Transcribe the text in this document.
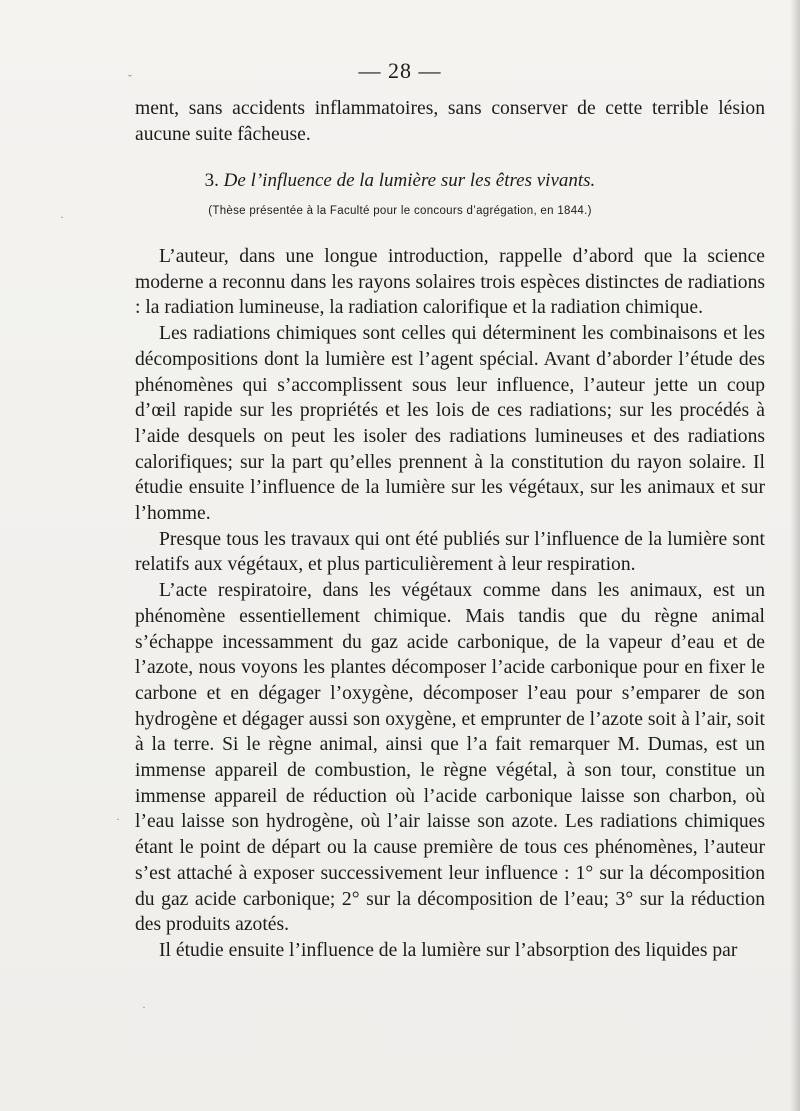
— 28 —

ment, sans accidents inflammatoires, sans conserver de cette terrible lésion aucune suite fâcheuse.

3. De l’influence de la lumière sur les êtres vivants.
(Thèse présentée à la Faculté pour le concours d’agrégation, en 1844.)

L’auteur, dans une longue introduction, rappelle d’abord que la science moderne a reconnu dans les rayons solaires trois espèces distinctes de radiations : la radiation lumineuse, la radiation calorifique et la radiation chimique.

Les radiations chimiques sont celles qui déterminent les combinaisons et les décompositions dont la lumière est l’agent spécial. Avant d’aborder l’étude des phénomènes qui s’accomplissent sous leur influence, l’auteur jette un coup d’œil rapide sur les propriétés et les lois de ces radiations; sur les procédés à l’aide desquels on peut les isoler des radiations lumineuses et des radiations calorifiques; sur la part qu’elles prennent à la constitution du rayon solaire. Il étudie ensuite l’influence de la lumière sur les végétaux, sur les animaux et sur l’homme.

Presque tous les travaux qui ont été publiés sur l’influence de la lumière sont relatifs aux végétaux, et plus particulièrement à leur respiration.

L’acte respiratoire, dans les végétaux comme dans les animaux, est un phénomène essentiellement chimique. Mais tandis que du règne animal s’échappe incessamment du gaz acide carbonique, de la vapeur d’eau et de l’azote, nous voyons les plantes décomposer l’acide carbonique pour en fixer le carbone et en dégager l’oxygène, décomposer l’eau pour s’emparer de son hydrogène et dégager aussi son oxygène, et emprunter de l’azote soit à l’air, soit à la terre. Si le règne animal, ainsi que l’a fait remarquer M. Dumas, est un immense appareil de combustion, le règne végétal, à son tour, constitue un immense appareil de réduction où l’acide carbonique laisse son charbon, où l’eau laisse son hydrogène, où l’air laisse son azote. Les radiations chimiques étant le point de départ ou la cause première de tous ces phénomènes, l’auteur s’est attaché à exposer successivement leur influence : 1° sur la décomposition du gaz acide carbonique; 2° sur la décomposition de l’eau; 3° sur la réduction des produits azotés.

Il étudie ensuite l’influence de la lumière sur l’absorption des liquides par

ˇ
·
·
·
